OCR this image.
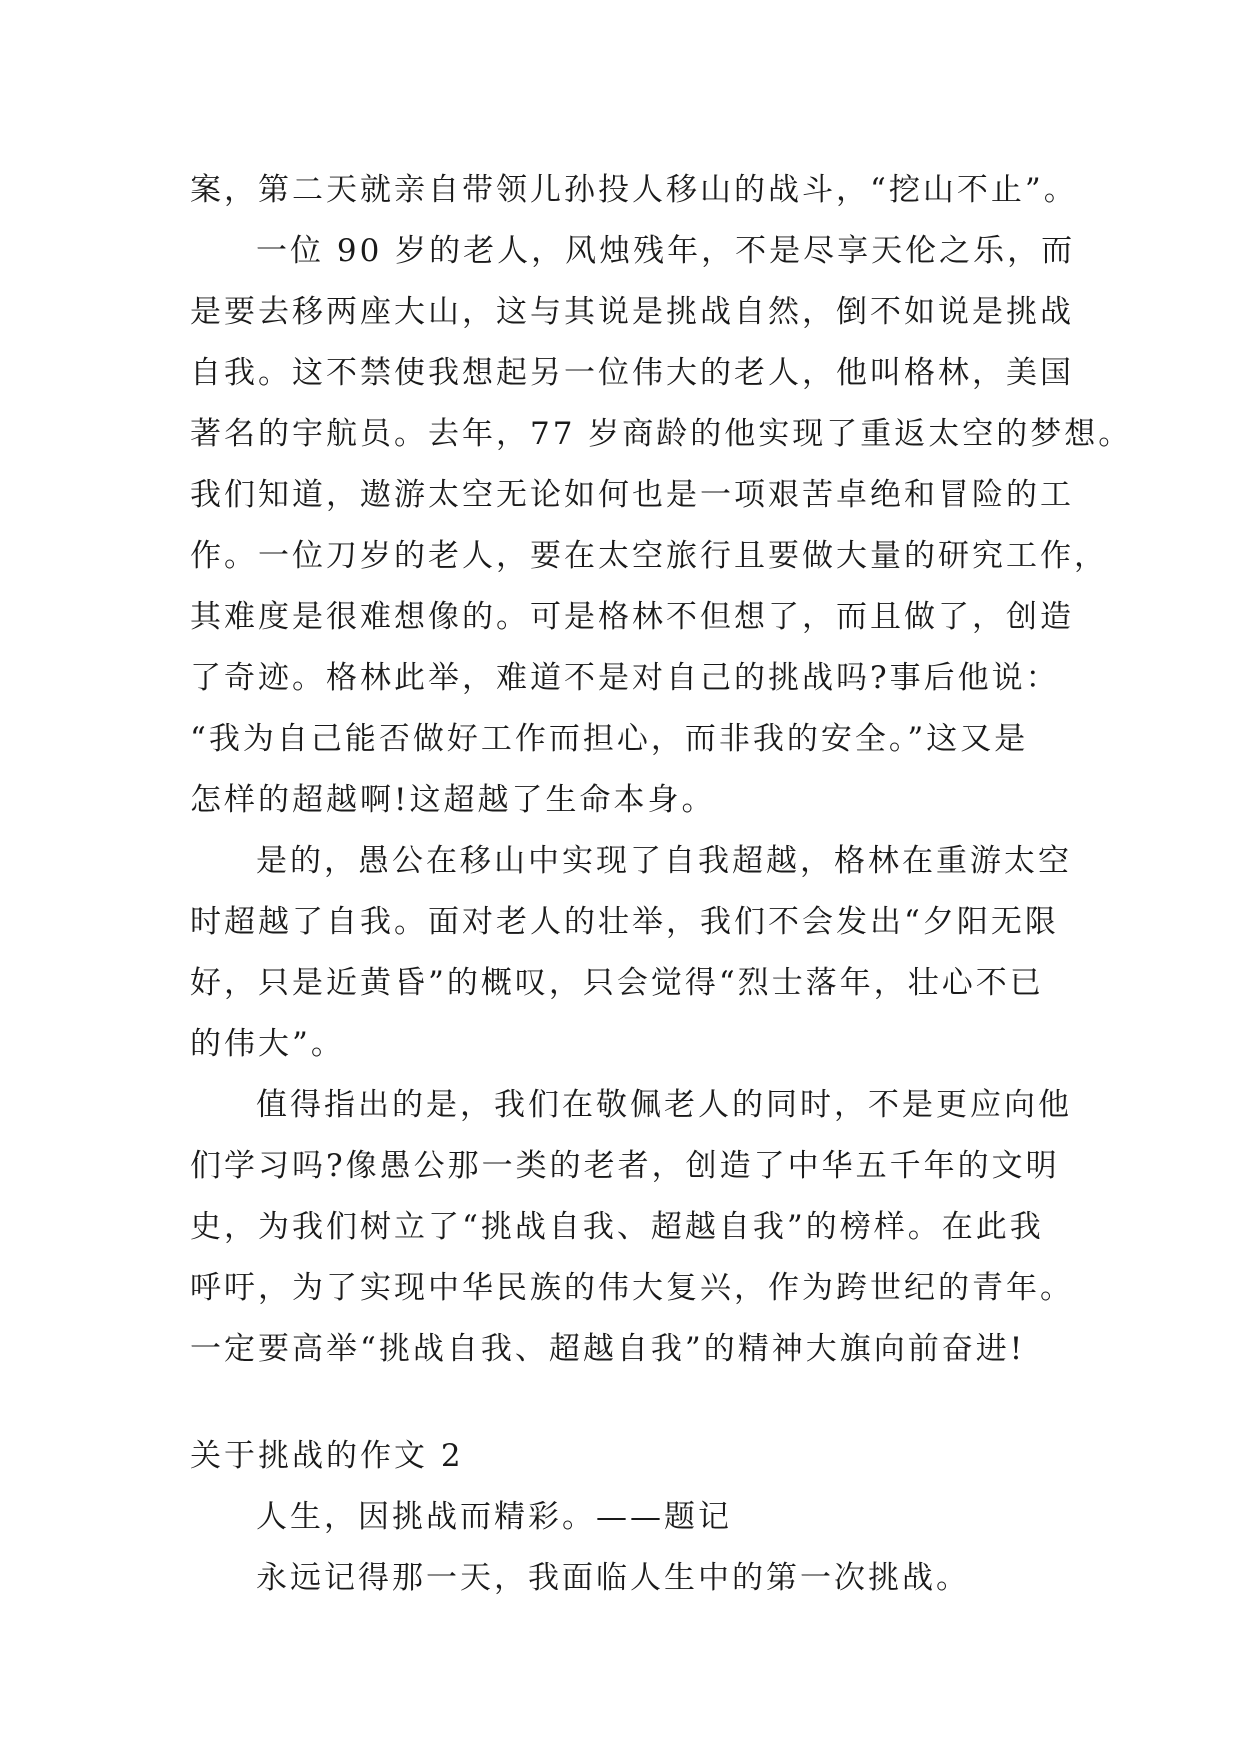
案，第二天就亲自带领儿孙投人移山的战斗，“挖山不止”。
一位 90 岁的老人，风烛残年，不是尽享天伦之乐，而
是要去移两座大山，这与其说是挑战自然，倒不如说是挑战
自我。这不禁使我想起另一位伟大的老人，他叫格林，美国
著名的宇航员。去年，77 岁商龄的他实现了重返太空的梦想。
我们知道，遨游太空无论如何也是一项艰苦卓绝和冒险的工
作。一位刀岁的老人，要在太空旅行且要做大量的研究工作，
其难度是很难想像的。可是格林不但想了，而且做了，创造
了奇迹。格林此举，难道不是对自己的挑战吗?事后他说：
“我为自己能否做好工作而担心，而非我的安全。”这又是
怎样的超越啊!这超越了生命本身。
是的，愚公在移山中实现了自我超越，格林在重游太空
时超越了自我。面对老人的壮举，我们不会发出“夕阳无限
好，只是近黄昏”的概叹，只会觉得“烈士落年，壮心不已
的伟大”。
值得指出的是，我们在敬佩老人的同时，不是更应向他
们学习吗?像愚公那一类的老者，创造了中华五千年的文明
史，为我们树立了“挑战自我、超越自我”的榜样。在此我
呼吁，为了实现中华民族的伟大复兴，作为跨世纪的青年。
一定要高举“挑战自我、超越自我”的精神大旗向前奋进!
关于挑战的作文 2
人生，因挑战而精彩。——题记
永远记得那一天，我面临人生中的第一次挑战。
